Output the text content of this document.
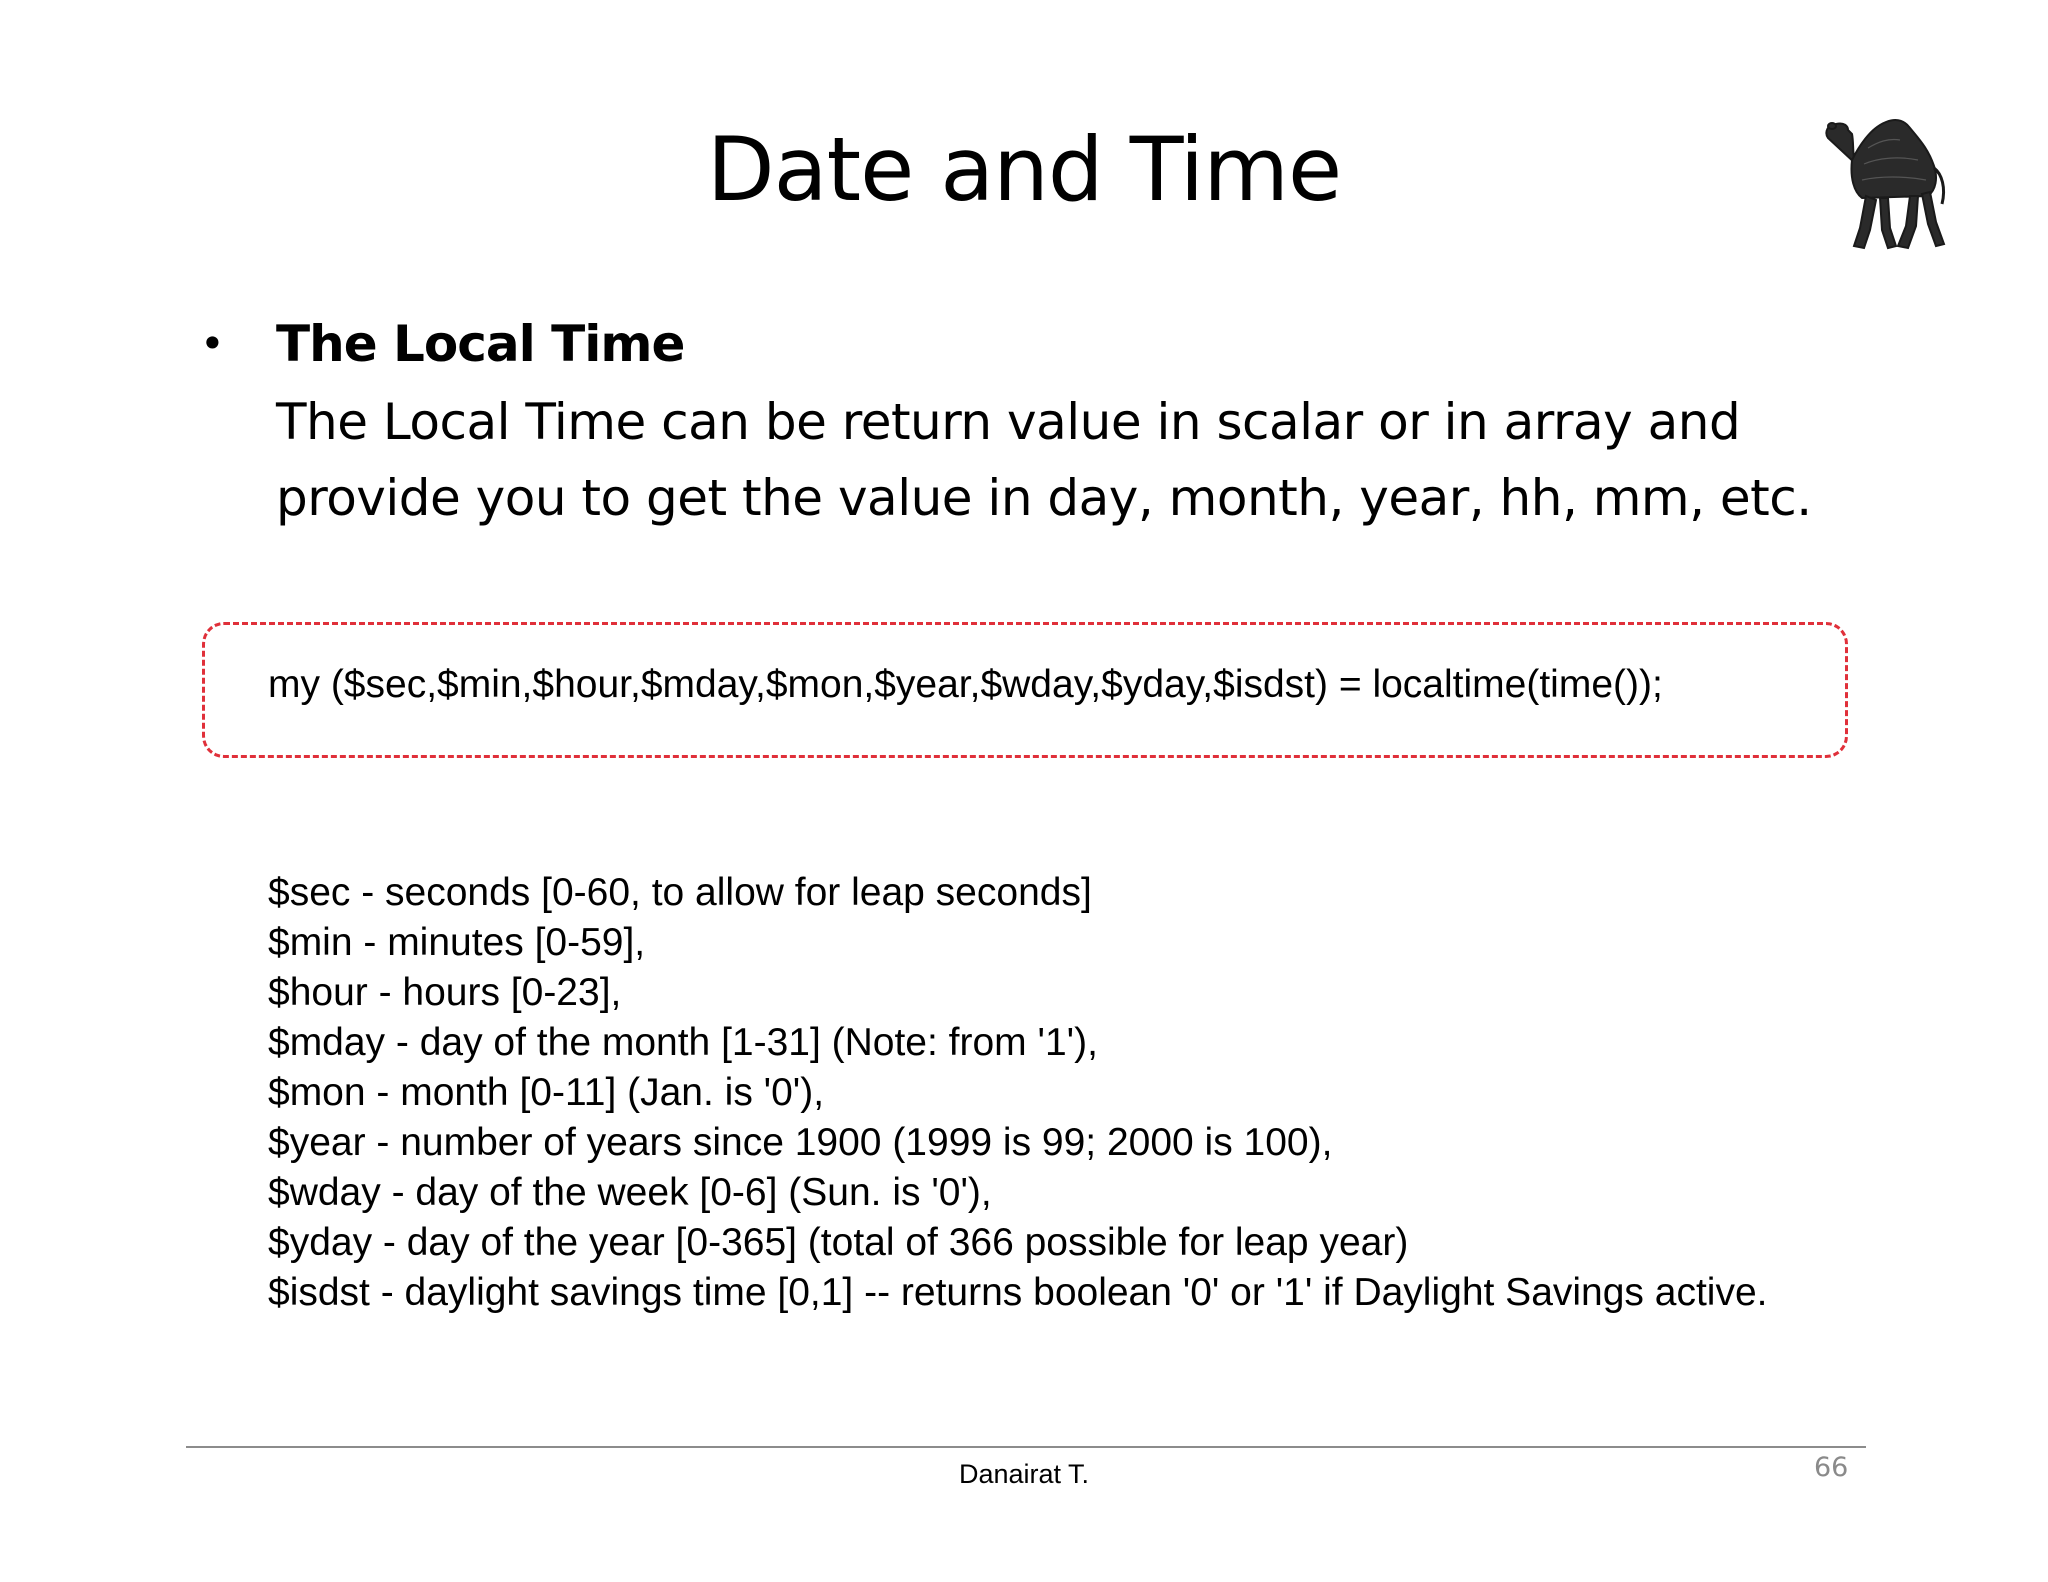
Date and Time
• The Local Time
The Local Time can be return value in scalar or in array and
provide you to get the value in day, month, year, hh, mm, etc.
my ($sec,$min,$hour,$mday,$mon,$year,$wday,$yday,$isdst) = localtime(time());
$sec - seconds [0-60, to allow for leap seconds]
$min - minutes [0-59],
$hour - hours [0-23],
$mday - day of the month [1-31] (Note: from '1'),
$mon - month [0-11] (Jan. is '0'),
$year - number of years since 1900 (1999 is 99; 2000 is 100),
$wday - day of the week [0-6] (Sun. is '0'),
$yday - day of the year [0-365] (total of 366 possible for leap year)
$isdst - daylight savings time [0,1] -- returns boolean '0' or '1' if Daylight Savings active.
Danairat T.	66
